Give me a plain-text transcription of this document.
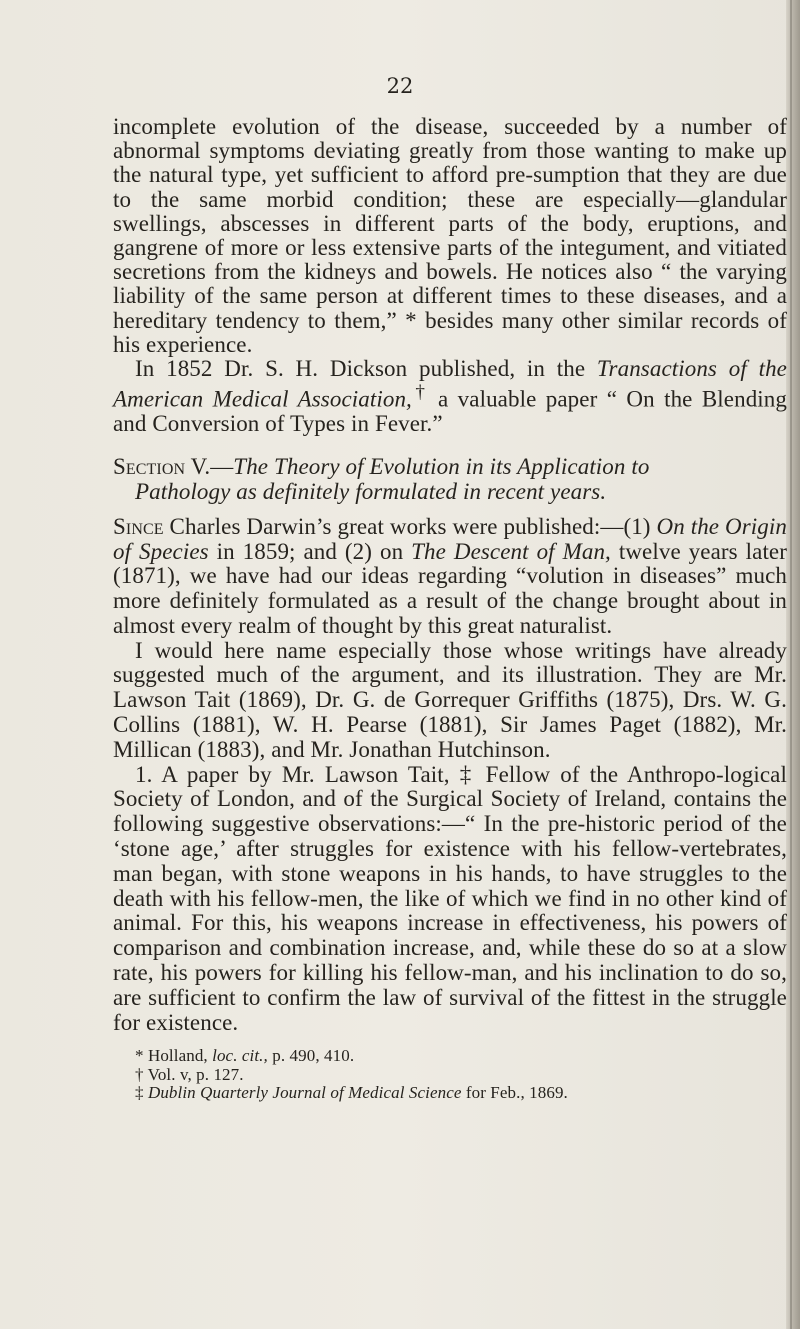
22

incomplete evolution of the disease, succeeded by a number of abnormal symptoms deviating greatly from those wanting to make up the natural type, yet sufficient to afford pre-sumption that they are due to the same morbid condition; these are especially—glandular swellings, abscesses in different parts of the body, eruptions, and gangrene of more or less extensive parts of the integument, and vitiated secretions from the kidneys and bowels. He notices also “ the varying liability of the same person at different times to these diseases, and a hereditary tendency to them,” * besides many other similar records of his experience.

In 1852 Dr. S. H. Dickson published, in the Transactions of the American Medical Association,† a valuable paper “ On the Blending and Conversion of Types in Fever.”

Section V.—The Theory of Evolution in its Application to
Pathology as definitely formulated in recent years.

Since Charles Darwin’s great works were published:—(1) On the Origin of Species in 1859; and (2) on The Descent of Man, twelve years later (1871), we have had our ideas regarding “volution in diseases” much more definitely formulated as a result of the change brought about in almost every realm of thought by this great naturalist.

I would here name especially those whose writings have already suggested much of the argument, and its illustration. They are Mr. Lawson Tait (1869), Dr. G. de Gorrequer Griffiths (1875), Drs. W. G. Collins (1881), W. H. Pearse (1881), Sir James Paget (1882), Mr. Millican (1883), and Mr. Jonathan Hutchinson.

1. A paper by Mr. Lawson Tait, ‡ Fellow of the Anthropo-logical Society of London, and of the Surgical Society of Ireland, contains the following suggestive observations:—“ In the pre-historic period of the ‘stone age,’ after struggles for existence with his fellow-vertebrates, man began, with stone weapons in his hands, to have struggles to the death with his fellow-men, the like of which we find in no other kind of animal. For this, his weapons increase in effectiveness, his powers of comparison and combination increase, and, while these do so at a slow rate, his powers for killing his fellow-man, and his inclination to do so, are sufficient to confirm the law of survival of the fittest in the struggle for existence.

* Holland, loc. cit., p. 490, 410.
† Vol. v, p. 127.
‡ Dublin Quarterly Journal of Medical Science for Feb., 1869.
